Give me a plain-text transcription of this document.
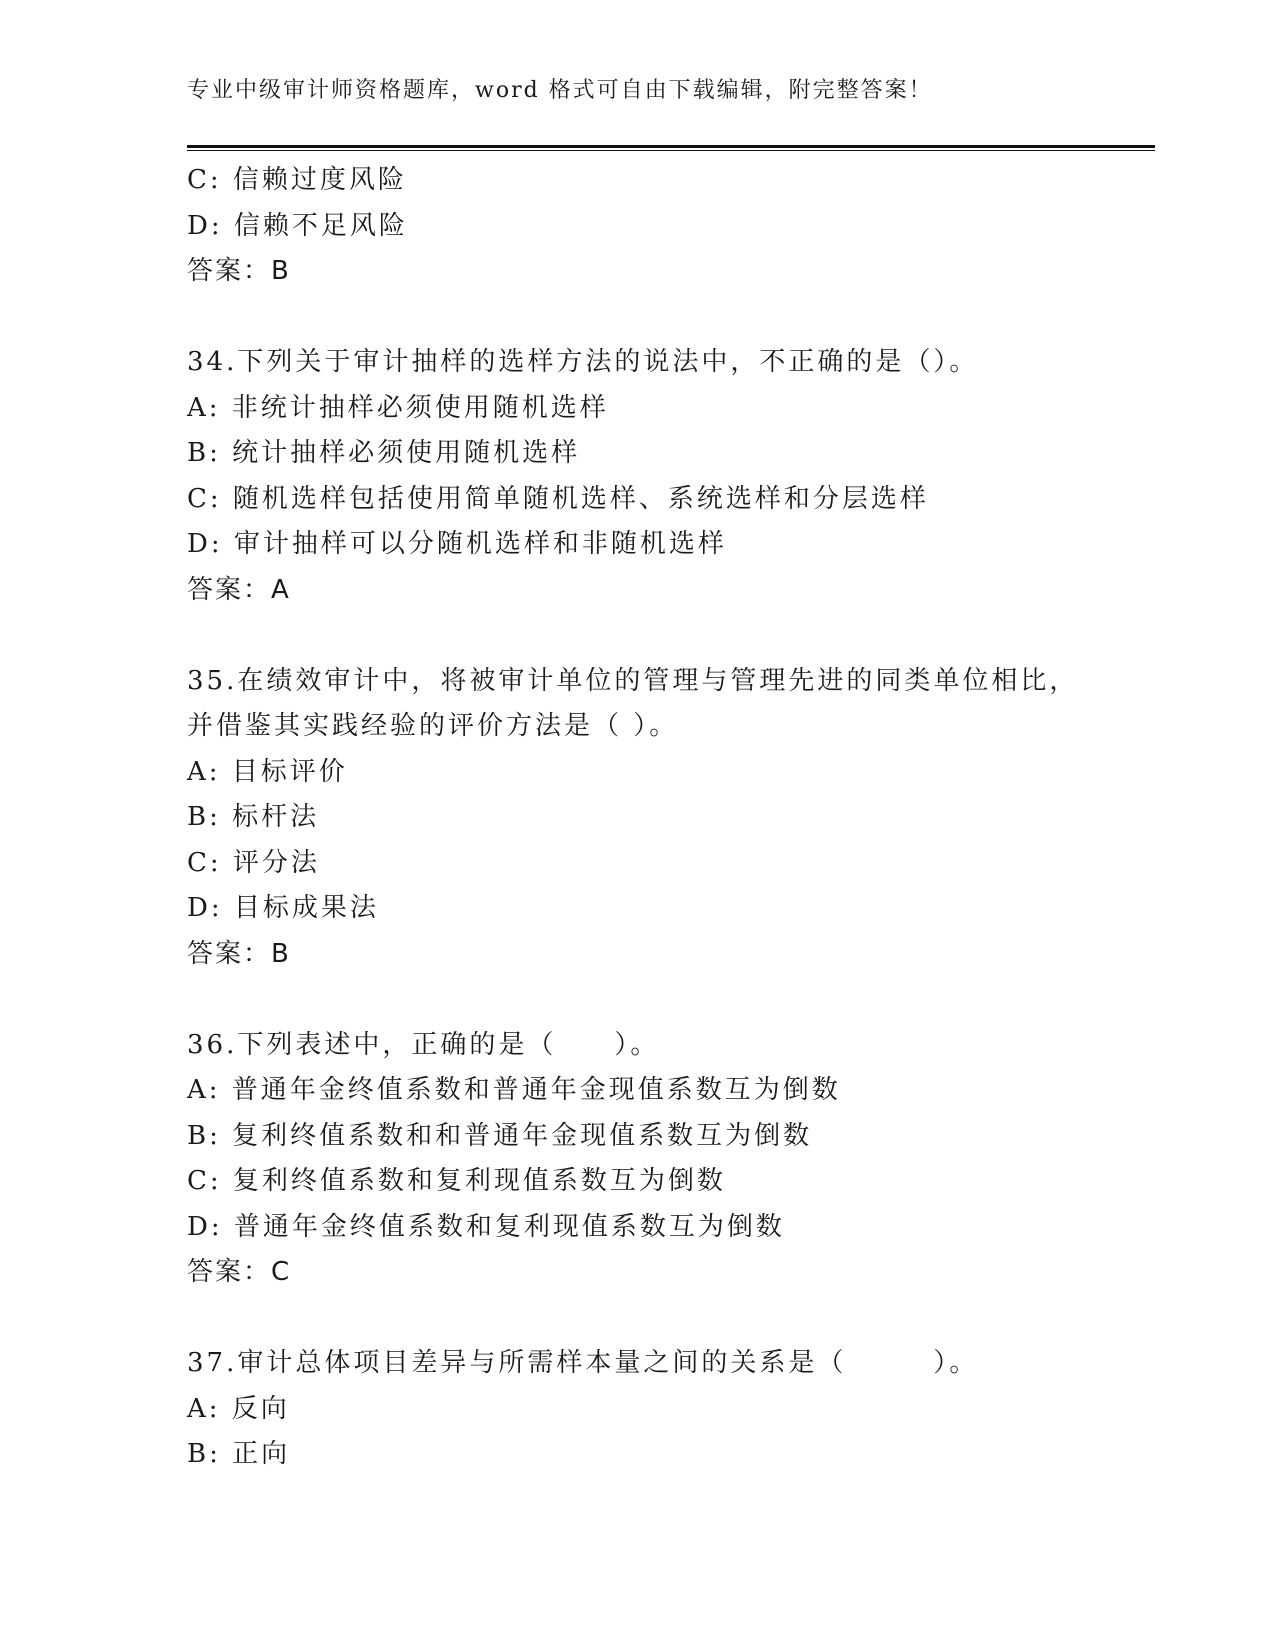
专业中级审计师资格题库，word 格式可自由下载编辑，附完整答案！
C: 信赖过度风险
D: 信赖不足风险
答案：B
34.下列关于审计抽样的选样方法的说法中，不正确的是（）。
A: 非统计抽样必须使用随机选样
B: 统计抽样必须使用随机选样
C: 随机选样包括使用简单随机选样、系统选样和分层选样
D: 审计抽样可以分随机选样和非随机选样
答案：A
35.在绩效审计中，将被审计单位的管理与管理先进的同类单位相比，
并借鉴其实践经验的评价方法是（ ）。
A: 目标评价
B: 标杆法
C: 评分法
D: 目标成果法
答案：B
36.下列表述中，正确的是（　　）。
A: 普通年金终值系数和普通年金现值系数互为倒数
B: 复利终值系数和和普通年金现值系数互为倒数
C: 复利终值系数和复利现值系数互为倒数
D: 普通年金终值系数和复利现值系数互为倒数
答案：C
37.审计总体项目差异与所需样本量之间的关系是（　　　）。
A: 反向
B: 正向
